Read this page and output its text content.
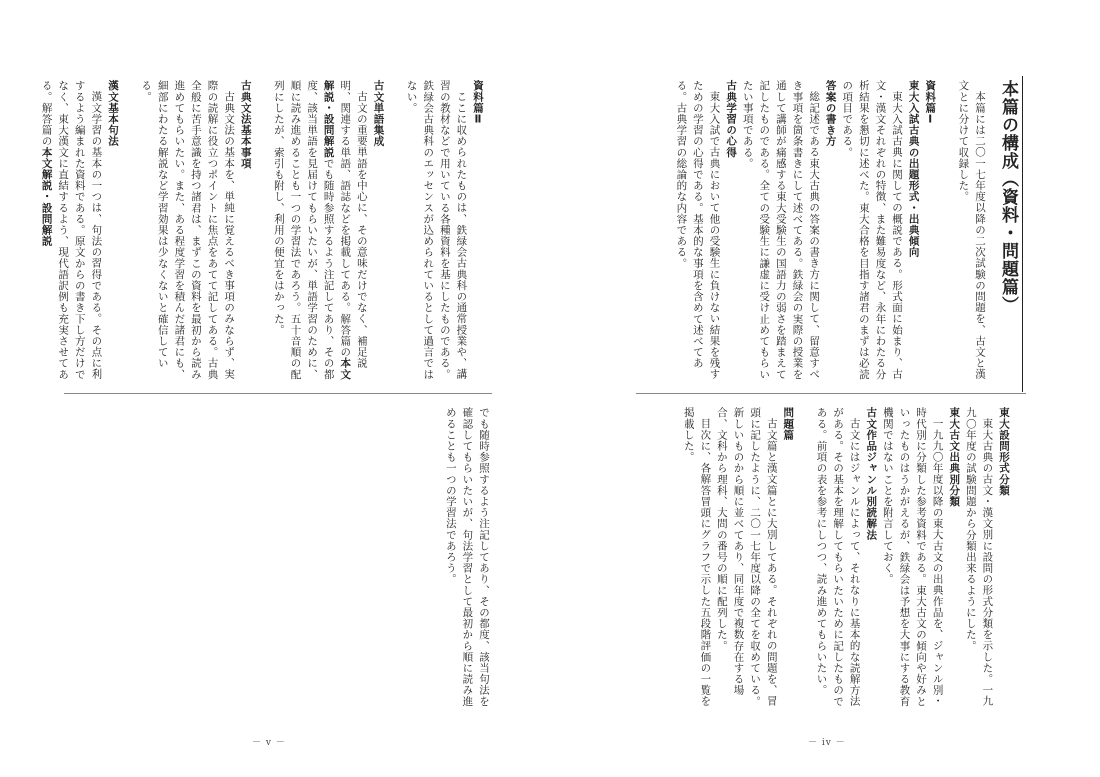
本篇の構成（資料・問題篇）

本篇には二〇一七年度以降の二次試験の問題を、古文と漢文とに分けて収録した。

資料篇Ⅰ
東大入試古典の出題形式・出典傾向

東大入試古典に関しての概説である。形式面に始まり、古文・漢文それぞれの特徴、また難易度など、永年にわたる分析結果を懇切に述べた。東大合格を目指す諸君のまずは必読の項目である。

答案の書き方

総記述である東大古典の答案の書き方に関して、留意すべき事項を箇条書きにして述べてある。鉄緑会の実際の授業を通して講師が痛感する東大受験生の国語力の弱さを踏まえて記したものである。全ての受験生に謙虚に受け止めてもらいたい事項である。

古典学習の心得

東大入試で古典において他の受験生に負けない結果を残すための学習の心得である。基本的な事項を含めて述べてある。古典学習の総論的な内容である。

資料篇Ⅱ

ここに収められたものは、鉄緑会古典科の通常授業や、講習の教材などで用いている各種資料を基にしたものである。鉄緑会古典科のエッセンスが込められているとして過言ではない。

古文単語集成

古文の重要単語を中心に、その意味だけでなく、補足説明、関連する単語、語誌などを掲載してある。解答篇の本文解説・設問解説でも随時参照するよう注記してあり、その都度、該当単語を見届けてもらいたいが、単語学習のために、順に読み進めることも一つの学習法であろう。五十音順の配列にしたが、索引も附し、利用の便宜をはかった。

古典文法基本事項

古典文法の基本を、単純に覚えるべき事項のみならず、実際の読解に役立つポイントに焦点をあてて記してある。古典全般に苦手意識を持つ諸君は、まずこの資料を最初から読み進めてもらいたい。また、ある程度学習を積んだ諸君にも、細部にわたる解説など学習効果は少なくないと確信している。

漢文基本句法

漢文学習の基本の一つは、句法の習得である。その点に利するよう編まれた資料である。原文からの書き下し方だけでなく、東大漢文に直結するよう、現代語訳例も充実させてある。解答篇の本文解説・設問解説

東大設問形式分類

東大古典の古文・漢文別に設問の形式分類を示した。一九九〇年度の試験問題から分類出来るようにした。

東大古文出典別分類

一九九〇年度以降の東大古文の出典作品を、ジャンル別・時代別に分類した参考資料である。東大古文の傾向や好みといったものはうかがえるが、鉄緑会は予想を大事にする教育機関ではないことを附言しておく。

古文作品ジャンル別読解法

古文にはジャンルによって、それなりに基本的な読解方法がある。その基本を理解してもらいたいために記したものである。前項の表を参考にしつつ、読み進めてもらいたい。

問題篇

古文篇と漢文篇とに大別してある。それぞれの問題を、冒頭に記したように、二〇一七年度以降の全てを収めている。新しいものから順に並べてあり、同年度で複数存在する場合、文科から理科、大問の番号の順に配列した。

目次に、各解答冒頭にグラフで示した五段階評価の一覧を掲載した。

でも随時参照するよう注記してあり、その都度、該当句法を確認してもらいたいが、句法学習として最初から順に読み進めることも一つの学習法であろう。

－ v －	－ iv －
